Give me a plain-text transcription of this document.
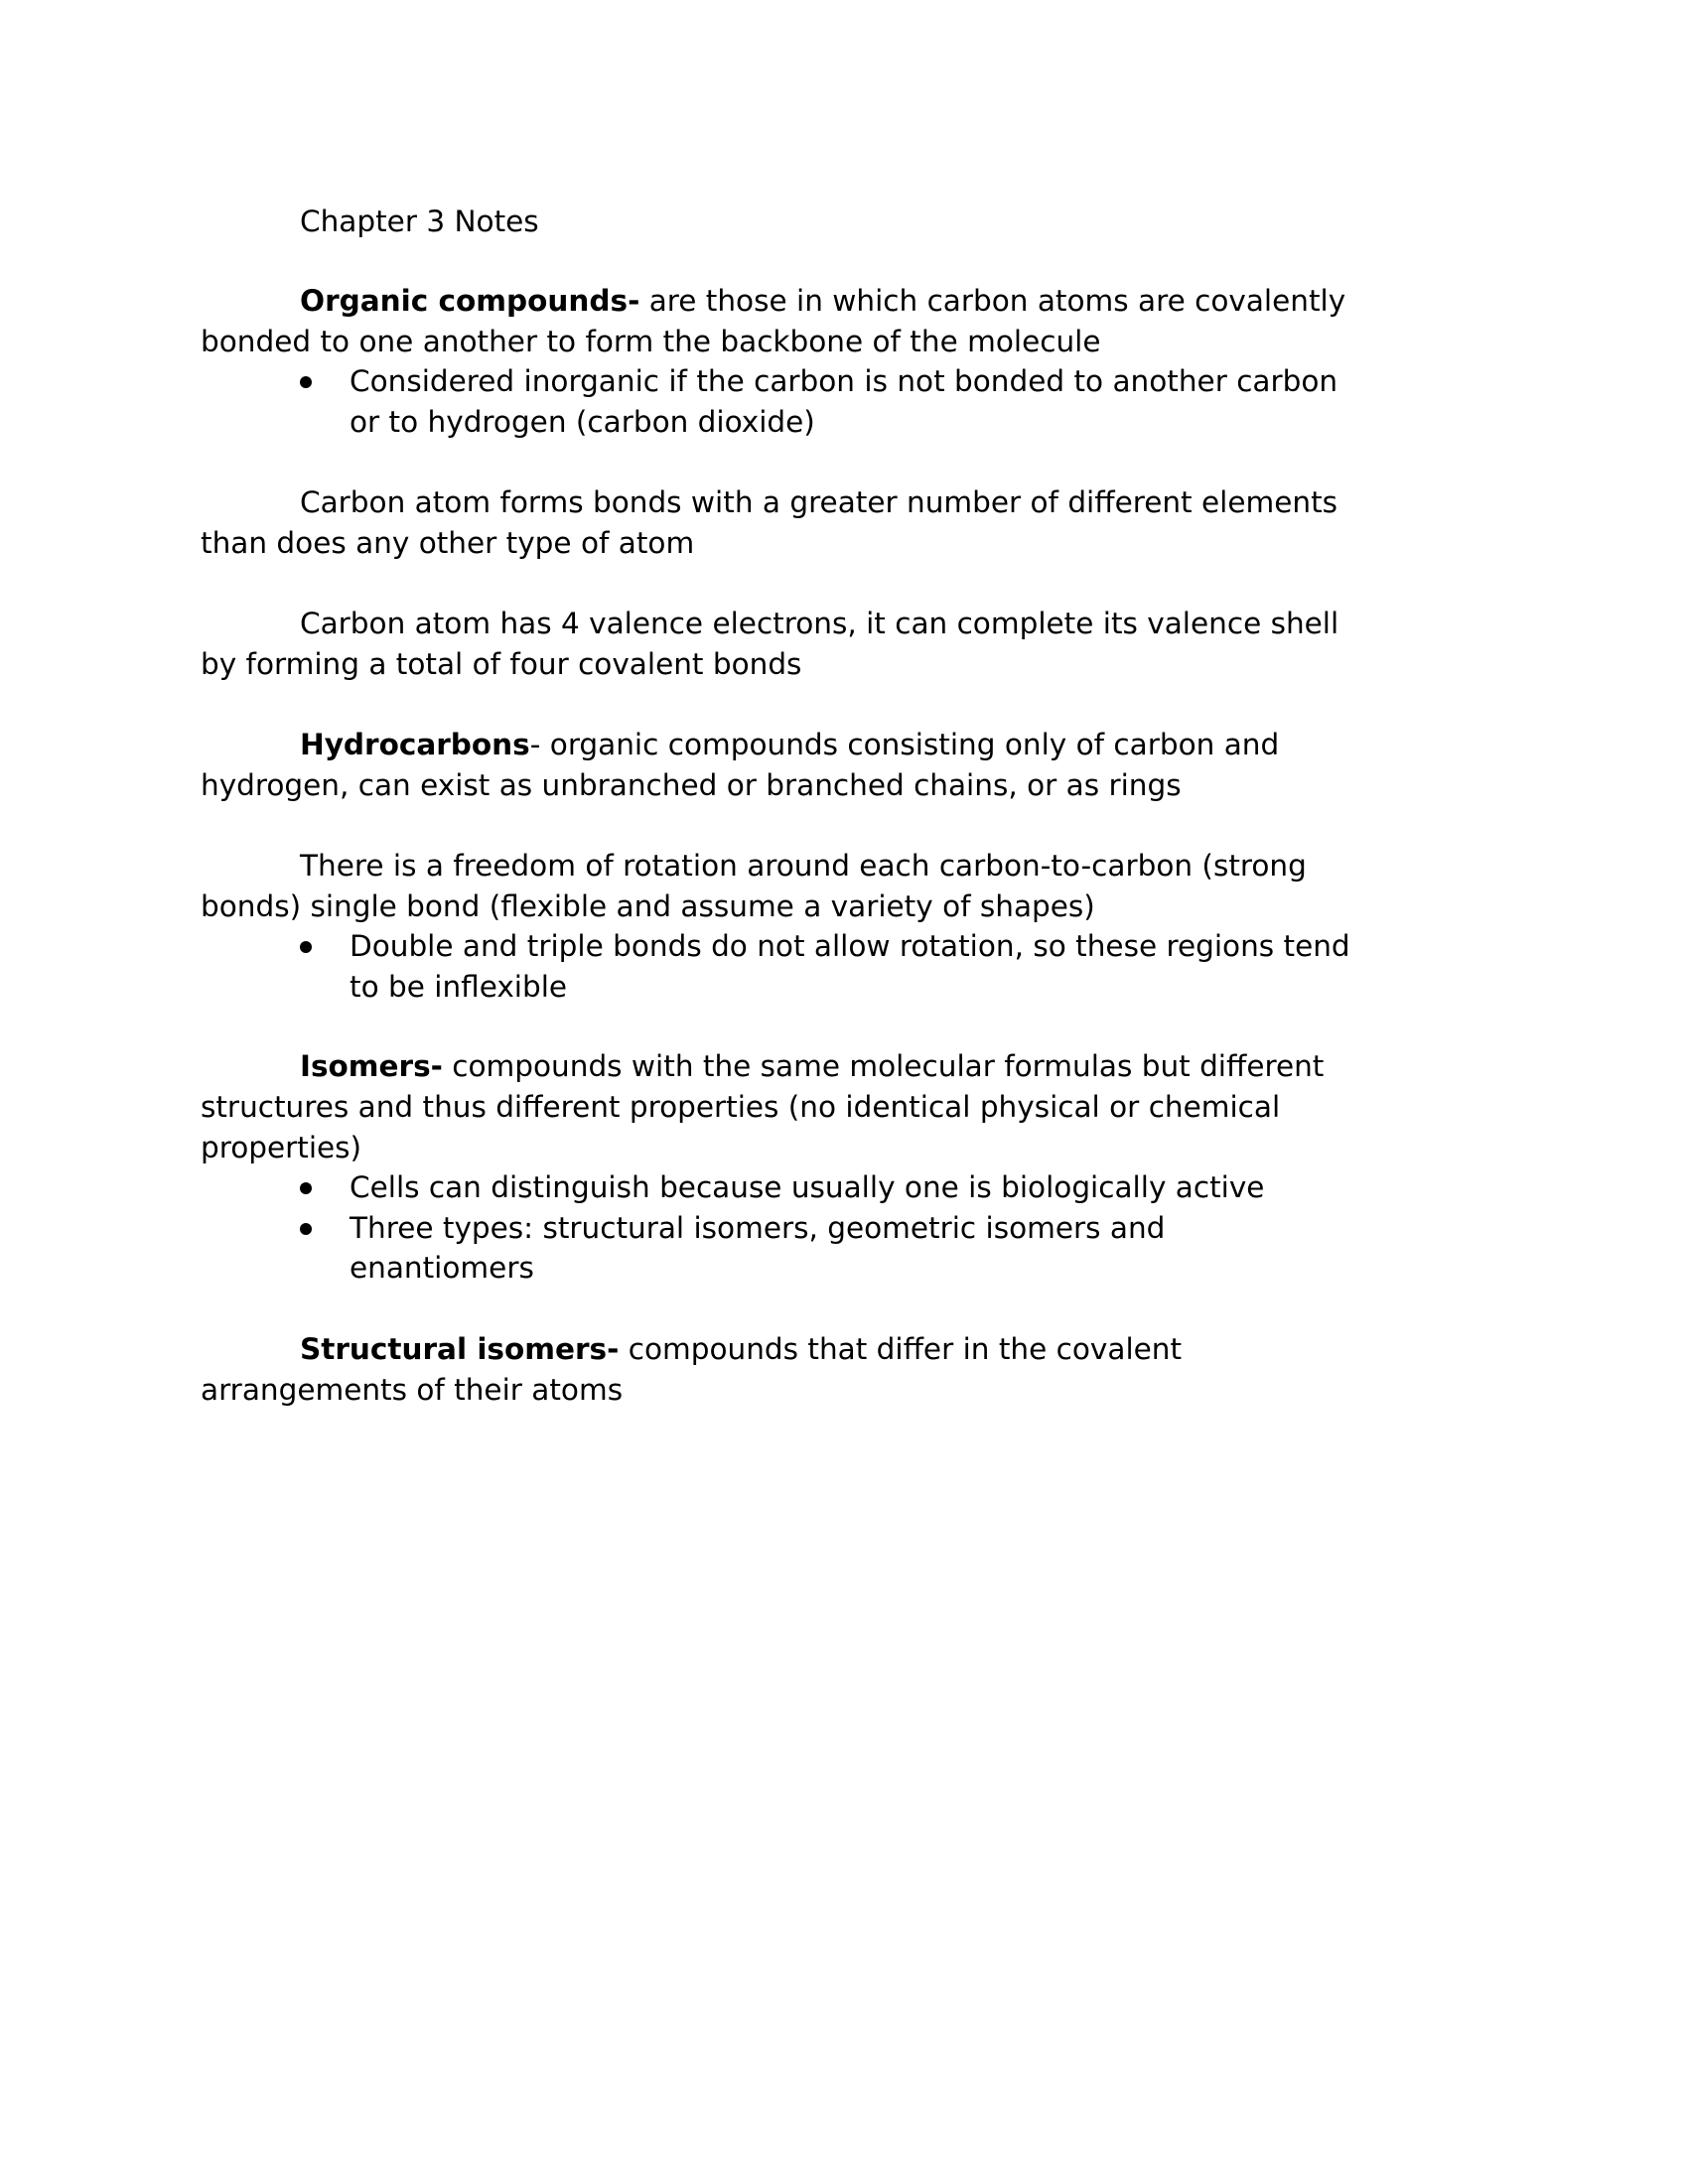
Chapter 3 Notes
Organic compounds- are those in which carbon atoms are covalently
bonded to one another to form the backbone of the molecule
Considered inorganic if the carbon is not bonded to another carbon
or to hydrogen (carbon dioxide)
Carbon atom forms bonds with a greater number of different elements
than does any other type of atom
Carbon atom has 4 valence electrons, it can complete its valence shell
by forming a total of four covalent bonds
Hydrocarbons- organic compounds consisting only of carbon and
hydrogen, can exist as unbranched or branched chains, or as rings
There is a freedom of rotation around each carbon-to-carbon (strong
bonds) single bond (flexible and assume a variety of shapes)
Double and triple bonds do not allow rotation, so these regions tend
to be inflexible
Isomers- compounds with the same molecular formulas but different
structures and thus different properties (no identical physical or chemical
properties)
Cells can distinguish because usually one is biologically active
Three types: structural isomers, geometric isomers and
enantiomers
Structural isomers- compounds that differ in the covalent
arrangements of their atoms
